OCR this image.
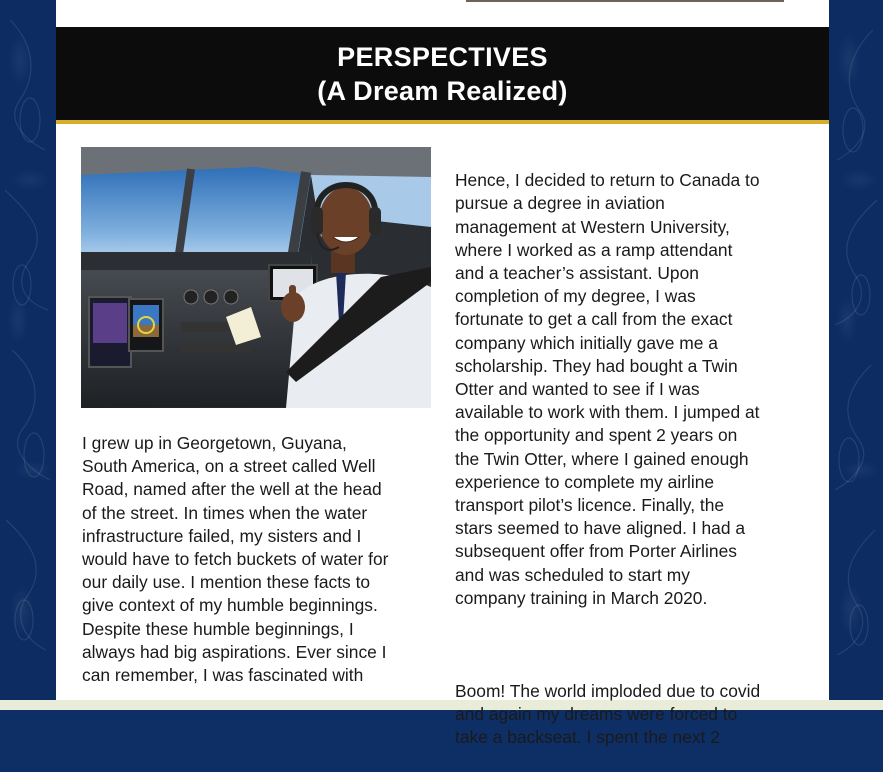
PERSPECTIVES
(A Dream Realized)
I grew up in Georgetown, Guyana,
South America, on a street called Well
Road, named after the well at the head
of the street. In times when the water
infrastructure failed, my sisters and I
would have to fetch buckets of water for
our daily use. I mention these facts to
give context of my humble beginnings.
Despite these humble beginnings, I
always had big aspirations. Ever since I
can remember, I was fascinated with

Hence, I decided to return to Canada to
pursue a degree in aviation
management at Western University,
where I worked as a ramp attendant
and a teacher’s assistant. Upon
completion of my degree, I was
fortunate to get a call from the exact
company which initially gave me a
scholarship. They had bought a Twin
Otter and wanted to see if I was
available to work with them. I jumped at
the opportunity and spent 2 years on
the Twin Otter, where I gained enough
experience to complete my airline
transport pilot’s licence. Finally, the
stars seemed to have aligned. I had a
subsequent offer from Porter Airlines
and was scheduled to start my
company training in March 2020.

Boom! The world imploded due to covid
and again my dreams were forced to
take a backseat. I spent the next 2
